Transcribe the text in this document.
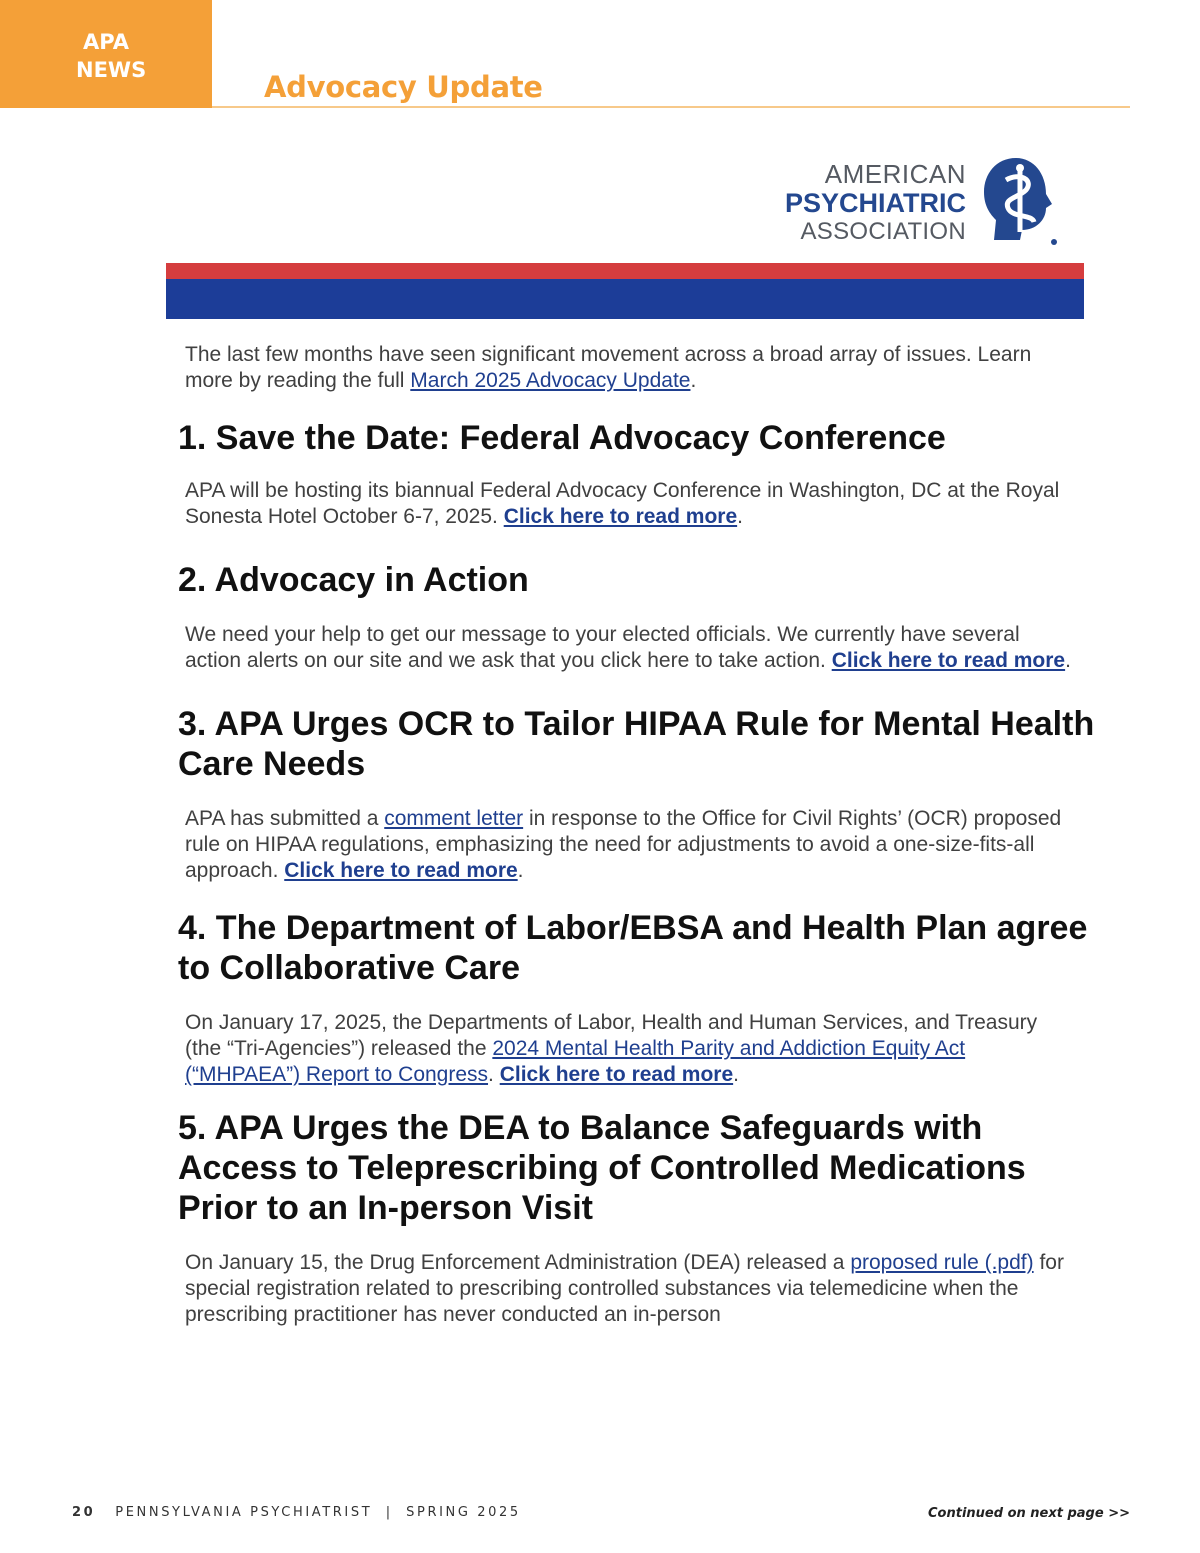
APA
NEWS	Advocacy Update
AMERICAN
PSYCHIATRIC
ASSOCIATION

The last few months have seen significant movement across a broad array of issues. Learn more by reading the full March 2025 Advocacy Update.

1. Save the Date: Federal Advocacy Conference

APA will be hosting its biannual Federal Advocacy Conference in Washington, DC at the Royal Sonesta Hotel October 6-7, 2025. Click here to read more.

2. Advocacy in Action

We need your help to get our message to your elected officials. We currently have several action alerts on our site and we ask that you click here to take action. Click here to read more.

3. APA Urges OCR to Tailor HIPAA Rule for Mental Health Care Needs

APA has submitted a comment letter in response to the Office for Civil Rights’ (OCR) proposed rule on HIPAA regulations, emphasizing the need for adjustments to avoid a one-size-fits-all approach. Click here to read more.

4. The Department of Labor/EBSA and Health Plan agree to Collaborative Care

On January 17, 2025, the Departments of Labor, Health and Human Services, and Treasury (the “Tri-Agencies”) released the 2024 Mental Health Parity and Addiction Equity Act (“MHPAEA”) Report to Congress. Click here to read more.

5. APA Urges the DEA to Balance Safeguards with Access to Teleprescribing of Controlled Medications Prior to an In-person Visit

On January 15, the Drug Enforcement Administration (DEA) released a proposed rule (.pdf) for special registration related to prescribing controlled substances via telemedicine when the prescribing practitioner has never conducted an in-person

20 PENNSYLVANIA PSYCHIATRIST  |  SPRING 2025	Continued on next page >>
